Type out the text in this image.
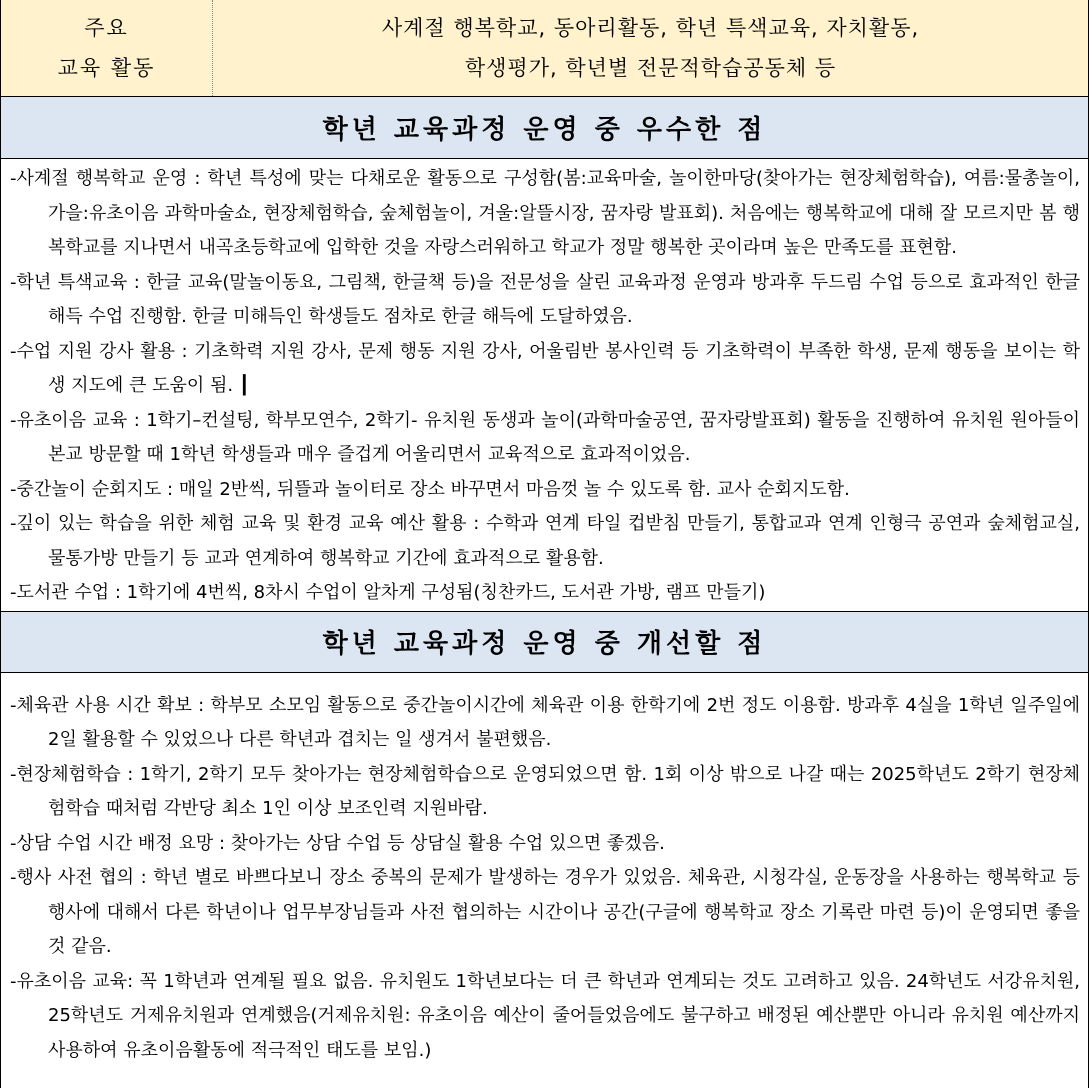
주요
교육 활동
사계절 행복학교, 동아리활동, 학년 특색교육, 자치활동,
학생평가, 학년별 전문적학습공동체 등
학년 교육과정 운영 중 우수한 점

-사계절 행복학교 운영 : 학년 특성에 맞는 다채로운 활동으로 구성함(봄:교육마술, 놀이한마당(찾아가는 현장체험학습), 여름:물총놀이, 가을:유초이음 과학마술쇼, 현장체험학습, 숲체험놀이, 겨울:알뜰시장, 꿈자랑 발표회). 처음에는 행복학교에 대해 잘 모르지만 봄 행복학교를 지나면서 내곡초등학교에 입학한 것을 자랑스러워하고 학교가 정말 행복한 곳이라며 높은 만족도를 표현함.

-학년 특색교육 : 한글 교육(말놀이동요, 그림책, 한글책 등)을 전문성을 살린 교육과정 운영과 방과후 두드림 수업 등으로 효과적인 한글 해득 수업 진행함. 한글 미해득인 학생들도 점차로 한글 해득에 도달하였음.

-수업 지원 강사 활용 : 기초학력 지원 강사, 문제 행동 지원 강사, 어울림반 봉사인력 등 기초학력이 부족한 학생, 문제 행동을 보이는 학생 지도에 큰 도움이 됨. ┃

-유초이음 교육 : 1학기–컨설팅, 학부모연수, 2학기- 유치원 동생과 놀이(과학마술공연, 꿈자랑발표회) 활동을 진행하여 유치원 원아들이 본교 방문할 때 1학년 학생들과 매우 즐겁게 어울리면서 교육적으로 효과적이었음.

-중간놀이 순회지도 : 매일 2반씩, 뒤뜰과 놀이터로 장소 바꾸면서 마음껏 놀 수 있도록 함. 교사 순회지도함.

-깊이 있는 학습을 위한 체험 교육 및 환경 교육 예산 활용 : 수학과 연계 타일 컵받침 만들기, 통합교과 연계 인형극 공연과 숲체험교실, 물통가방 만들기 등 교과 연계하여 행복학교 기간에 효과적으로 활용함.

-도서관 수업 : 1학기에 4번씩, 8차시 수업이 알차게 구성됨(칭찬카드, 도서관 가방, 램프 만들기)

학년 교육과정 운영 중 개선할 점

-체육관 사용 시간 확보 : 학부모 소모임 활동으로 중간놀이시간에 체육관 이용 한학기에 2번 정도 이용함. 방과후 4실을 1학년 일주일에 2일 활용할 수 있었으나 다른 학년과 겹치는 일 생겨서 불편했음.

-현장체험학습 : 1학기, 2학기 모두 찾아가는 현장체험학습으로 운영되었으면 함. 1회 이상 밖으로 나갈 때는 2025학년도 2학기 현장체험학습 때처럼 각반당 최소 1인 이상 보조인력 지원바람.

-상담 수업 시간 배정 요망 : 찾아가는 상담 수업 등 상담실 활용 수업 있으면 좋겠음.

-행사 사전 협의 : 학년 별로 바쁘다보니 장소 중복의 문제가 발생하는 경우가 있었음. 체육관, 시청각실, 운동장을 사용하는 행복학교 등 행사에 대해서 다른 학년이나 업무부장님들과 사전 협의하는 시간이나 공간(구글에 행복학교 장소 기록란 마련 등)이 운영되면 좋을 것 같음.

-유초이음 교육: 꼭 1학년과 연계될 필요 없음. 유치원도 1학년보다는 더 큰 학년과 연계되는 것도 고려하고 있음. 24학년도 서강유치원, 25학년도 거제유치원과 연계했음(거제유치원: 유초이음 예산이 줄어들었음에도 불구하고 배정된 예산뿐만 아니라 유치원 예산까지 사용하여 유초이음활동에 적극적인 태도를 보임.)
